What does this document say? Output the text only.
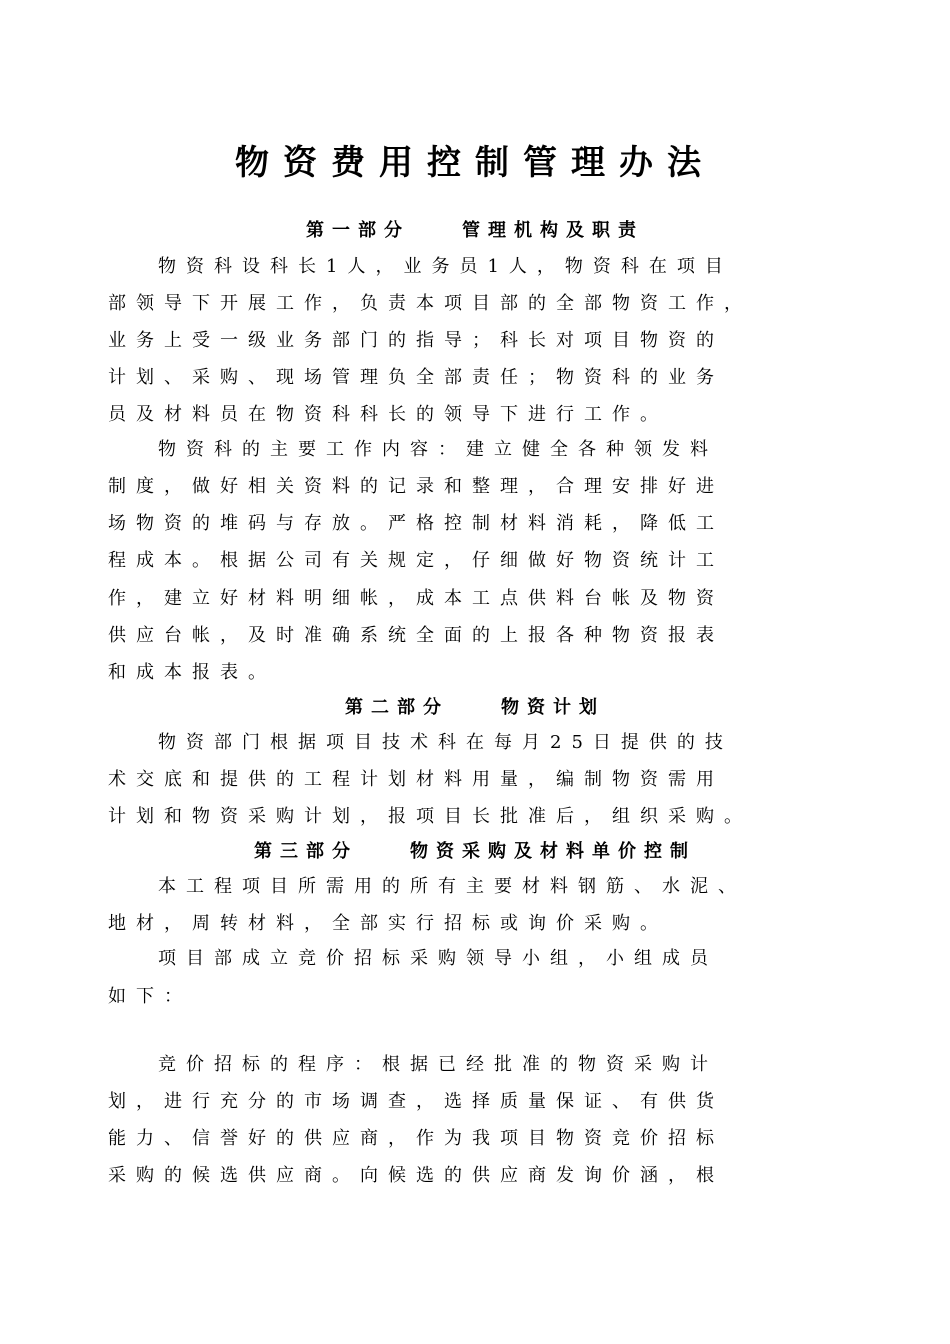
物资费用控制管理办法
第一部分　　管理机构及职责
物资科设科长1人，业务员1人，物资科在项目
部领导下开展工作，负责本项目部的全部物资工作，
业务上受一级业务部门的指导；科长对项目物资的
计划、采购、现场管理负全部责任；物资科的业务
员及材料员在物资科科长的领导下进行工作。
物资科的主要工作内容：建立健全各种领发料
制度，做好相关资料的记录和整理，合理安排好进
场物资的堆码与存放。严格控制材料消耗，降低工
程成本。根据公司有关规定，仔细做好物资统计工
作，建立好材料明细帐，成本工点供料台帐及物资
供应台帐，及时准确系统全面的上报各种物资报表
和成本报表。
第二部分　　物资计划
物资部门根据项目技术科在每月25日提供的技
术交底和提供的工程计划材料用量，编制物资需用
计划和物资采购计划，报项目长批准后，组织采购。
第三部分　　物资采购及材料单价控制
本工程项目所需用的所有主要材料钢筋、水泥、
地材，周转材料，全部实行招标或询价采购。
项目部成立竞价招标采购领导小组，小组成员
如下：
竞价招标的程序：根据已经批准的物资采购计
划，进行充分的市场调查，选择质量保证、有供货
能力、信誉好的供应商，作为我项目物资竞价招标
采购的候选供应商。向候选的供应商发询价涵，根
